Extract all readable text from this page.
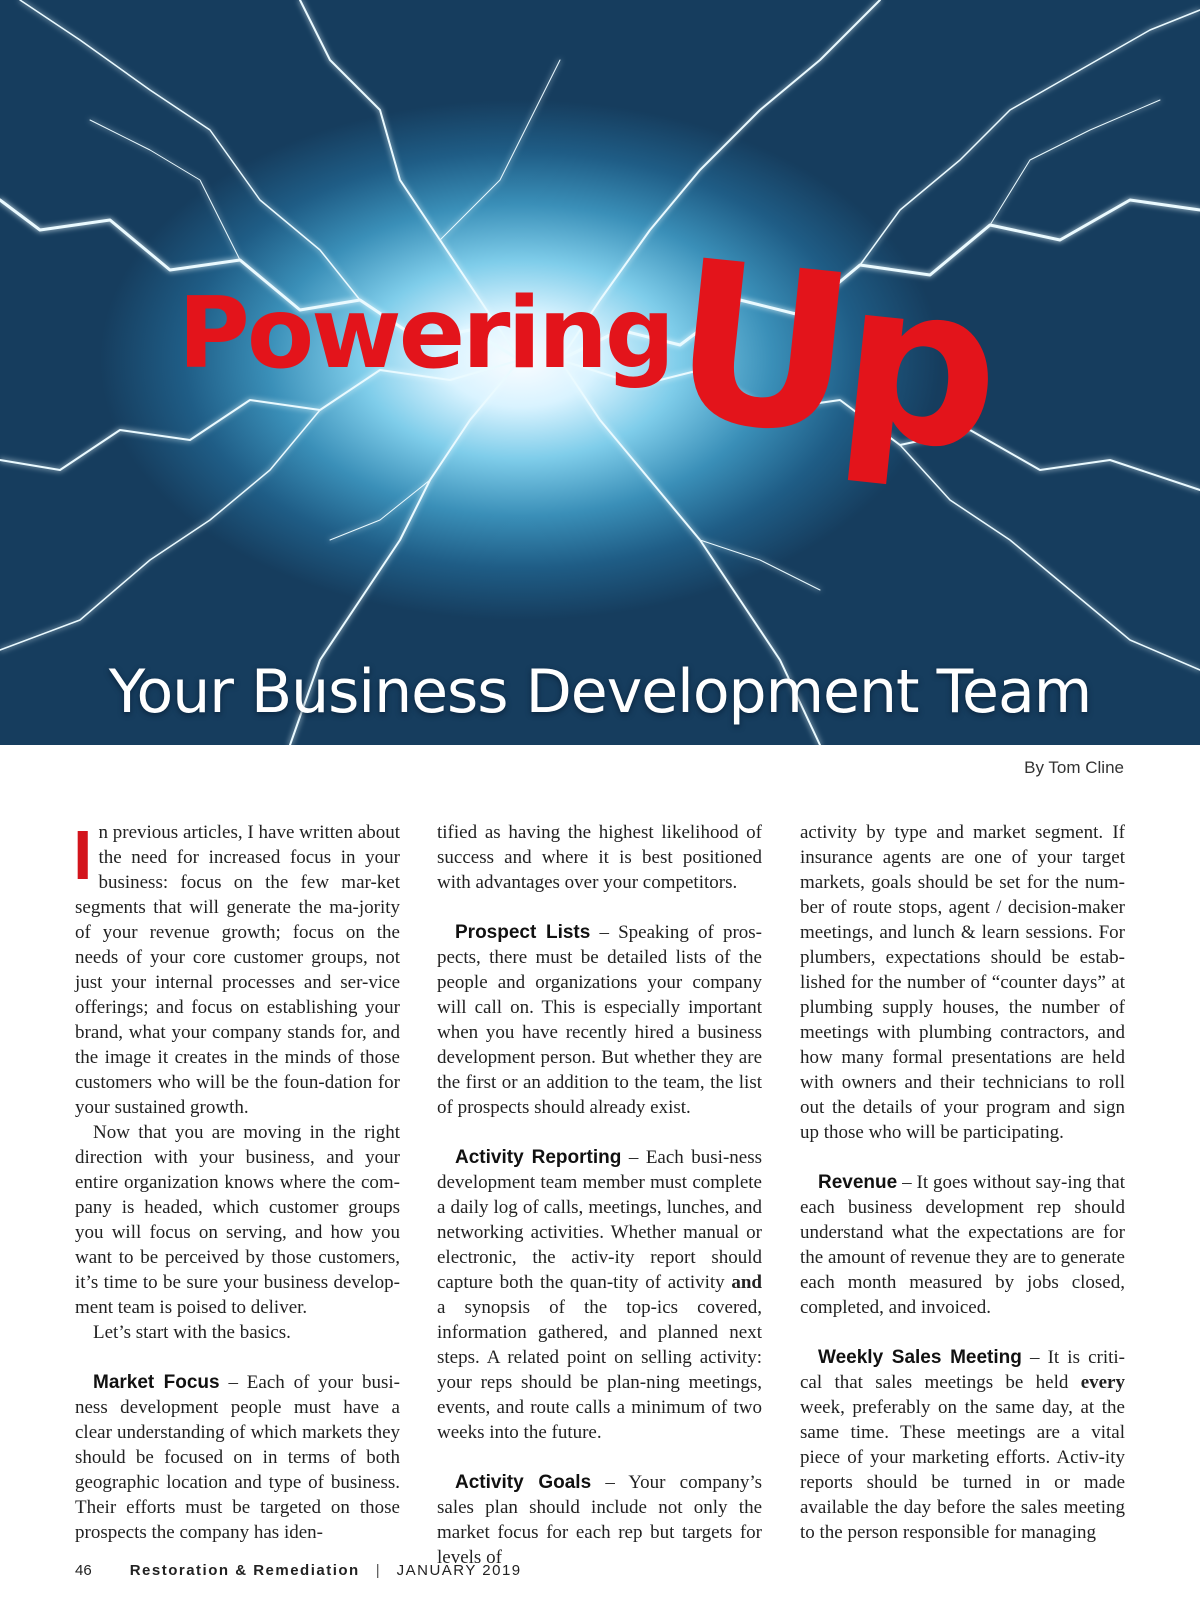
Powering
Up
Your Business Development Team
By Tom Cline

In previous articles, I have written about the need for increased focus in your business: focus on the few mar-ket segments that will generate the ma-jority of your revenue growth; focus on the needs of your core customer groups, not just your internal processes and ser-vice offerings; and focus on establishing your brand, what your company stands for, and the image it creates in the minds of those customers who will be the foun-dation for your sustained growth.

Now that you are moving in the right direction with your business, and your entire organization knows where the com-pany is headed, which customer groups you will focus on serving, and how you want to be perceived by those customers, it’s time to be sure your business develop-ment team is poised to deliver.

Let’s start with the basics.

Market Focus – Each of your busi-ness development people must have a clear understanding of which markets they should be focused on in terms of both geographic location and type of business. Their efforts must be targeted on those prospects the company has iden-

tified as having the highest likelihood of success and where it is best positioned with advantages over your competitors.

Prospect Lists – Speaking of pros-pects, there must be detailed lists of the people and organizations your company will call on. This is especially important when you have recently hired a business development person. But whether they are the first or an addition to the team, the list of prospects should already exist.

Activity Reporting – Each busi-ness development team member must complete a daily log of calls, meetings, lunches, and networking activities. Whether manual or electronic, the activ-ity report should capture both the quan-tity of activity and a synopsis of the top-ics covered, information gathered, and planned next steps. A related point on selling activity: your reps should be plan-ning meetings, events, and route calls a minimum of two weeks into the future.

Activity Goals – Your company’s sales plan should include not only the market focus for each rep but targets for levels of

activity by type and market segment. If insurance agents are one of your target markets, goals should be set for the num-ber of route stops, agent / decision-maker meetings, and lunch & learn sessions. For plumbers, expectations should be estab-lished for the number of “counter days” at plumbing supply houses, the number of meetings with plumbing contractors, and how many formal presentations are held with owners and their technicians to roll out the details of your program and sign up those who will be participating.

Revenue – It goes without say-ing that each business development rep should understand what the expectations are for the amount of revenue they are to generate each month measured by jobs closed, completed, and invoiced.

Weekly Sales Meeting – It is criti-cal that sales meetings be held every week, preferably on the same day, at the same time. These meetings are a vital piece of your marketing efforts. Activ-ity reports should be turned in or made available the day before the sales meeting to the person responsible for managing

46	Restoration & Remediation | JANUARY 2019
